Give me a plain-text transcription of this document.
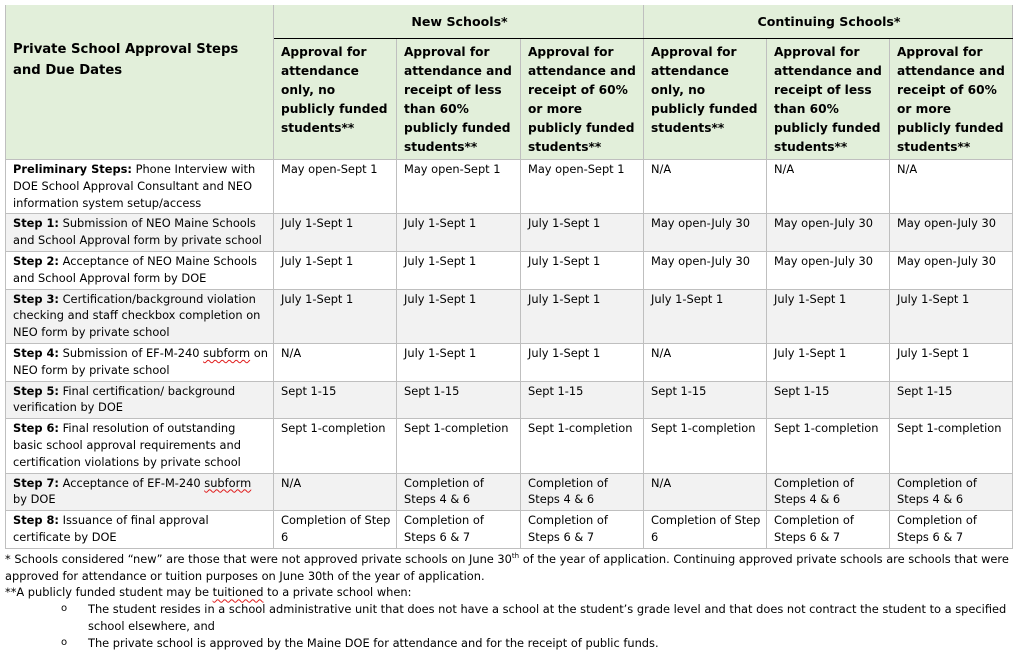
	New Schools*			Continuing Schools*		
Private School Approval Steps and Due Dates	Approval for attendance only, no publicly funded students**	Approval for attendance and receipt of less than 60% publicly funded students**	Approval for attendance and receipt of 60% or more publicly funded students**	Approval for attendance only, no publicly funded students**	Approval for attendance and receipt of less than 60% publicly funded students**	Approval for attendance and receipt of 60% or more publicly funded students**
Preliminary Steps: Phone Interview with DOE School Approval Consultant and NEO information system setup/access	May open-Sept 1	May open-Sept 1	May open-Sept 1	N/A	N/A	N/A
Step 1: Submission of NEO Maine Schools and School Approval form by private school	July 1-Sept 1	July 1-Sept 1	July 1-Sept 1	May open-July 30	May open-July 30	May open-July 30
Step 2: Acceptance of NEO Maine Schools and School Approval form by DOE	July 1-Sept 1	July 1-Sept 1	July 1-Sept 1	May open-July 30	May open-July 30	May open-July 30
Step 3: Certification/background violation checking and staff checkbox completion on NEO form by private school	July 1-Sept 1	July 1-Sept 1	July 1-Sept 1	July 1-Sept 1	July 1-Sept 1	July 1-Sept 1
Step 4: Submission of EF-M-240 subform on NEO form by private school	N/A	July 1-Sept 1	July 1-Sept 1	N/A	July 1-Sept 1	July 1-Sept 1
Step 5: Final certification/ background verification by DOE	Sept 1-15	Sept 1-15	Sept 1-15	Sept 1-15	Sept 1-15	Sept 1-15
Step 6: Final resolution of outstanding basic school approval requirements and certification violations by private school	Sept 1-completion	Sept 1-completion	Sept 1-completion	Sept 1-completion	Sept 1-completion	Sept 1-completion
Step 7: Acceptance of EF-M-240 subform by DOE	N/A	Completion of Steps 4 & 6	Completion of Steps 4 & 6	N/A	Completion of Steps 4 & 6	Completion of Steps 4 & 6
Step 8: Issuance of final approval certificate by DOE	Completion of Step 6	Completion of Steps 6 & 7	Completion of Steps 6 & 7	Completion of Step 6	Completion of Steps 6 & 7	Completion of Steps 6 & 7

* Schools considered “new” are those that were not approved private schools on June 30th of the year of application. Continuing approved private schools are schools that were approved for attendance or tuition purposes on June 30th of the year of application.

**A publicly funded student may be tuitioned to a private school when:

o	The student resides in a school administrative unit that does not have a school at the student’s grade level and that does not contract the student to a specified school elsewhere, and
o	The private school is approved by the Maine DOE for attendance and for the receipt of public funds.
